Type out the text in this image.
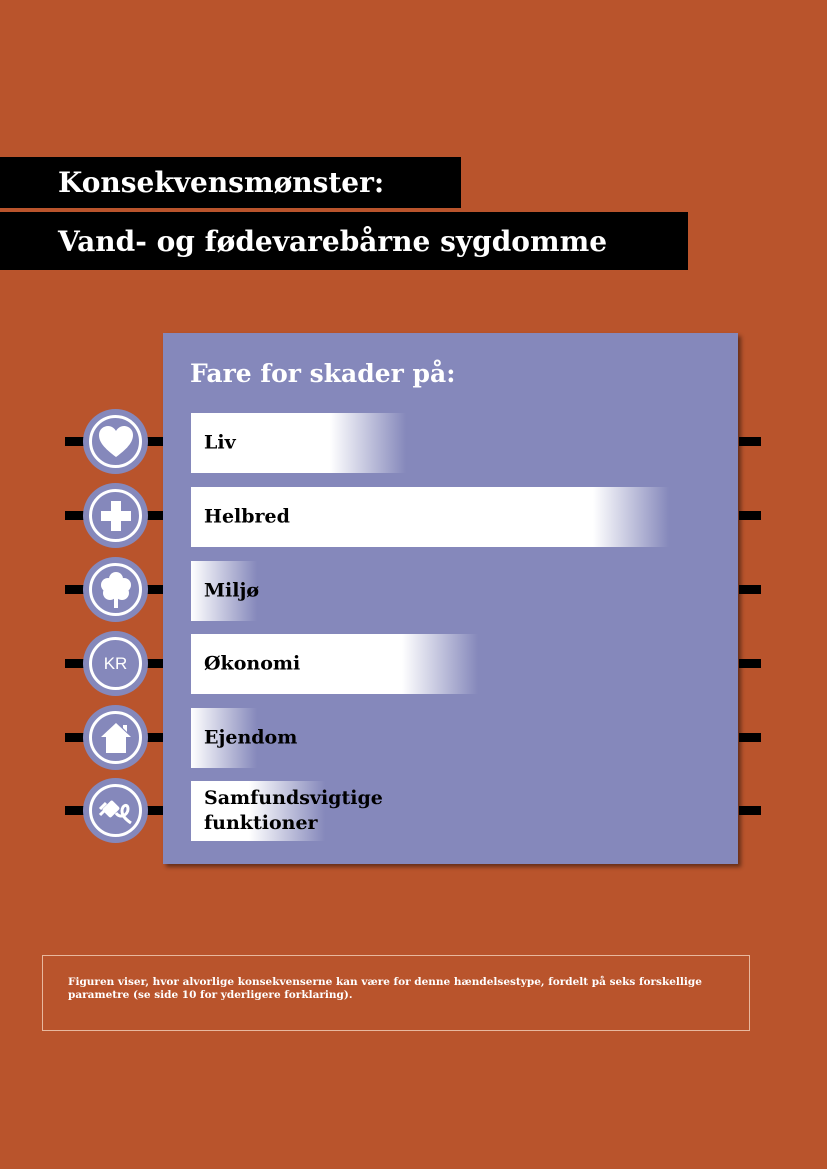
Konsekvensmønster:
Vand- og fødevarebårne sygdomme
KR
Fare for skader på:
Liv
Helbred
Miljø
Økonomi
Ejendom
Samfundsvigtige
funktioner
Figuren viser, hvor alvorlige konsekvenserne kan være for denne hændelsestype, fordelt på seks forskellige parametre (se side 10 for yderligere forklaring).
